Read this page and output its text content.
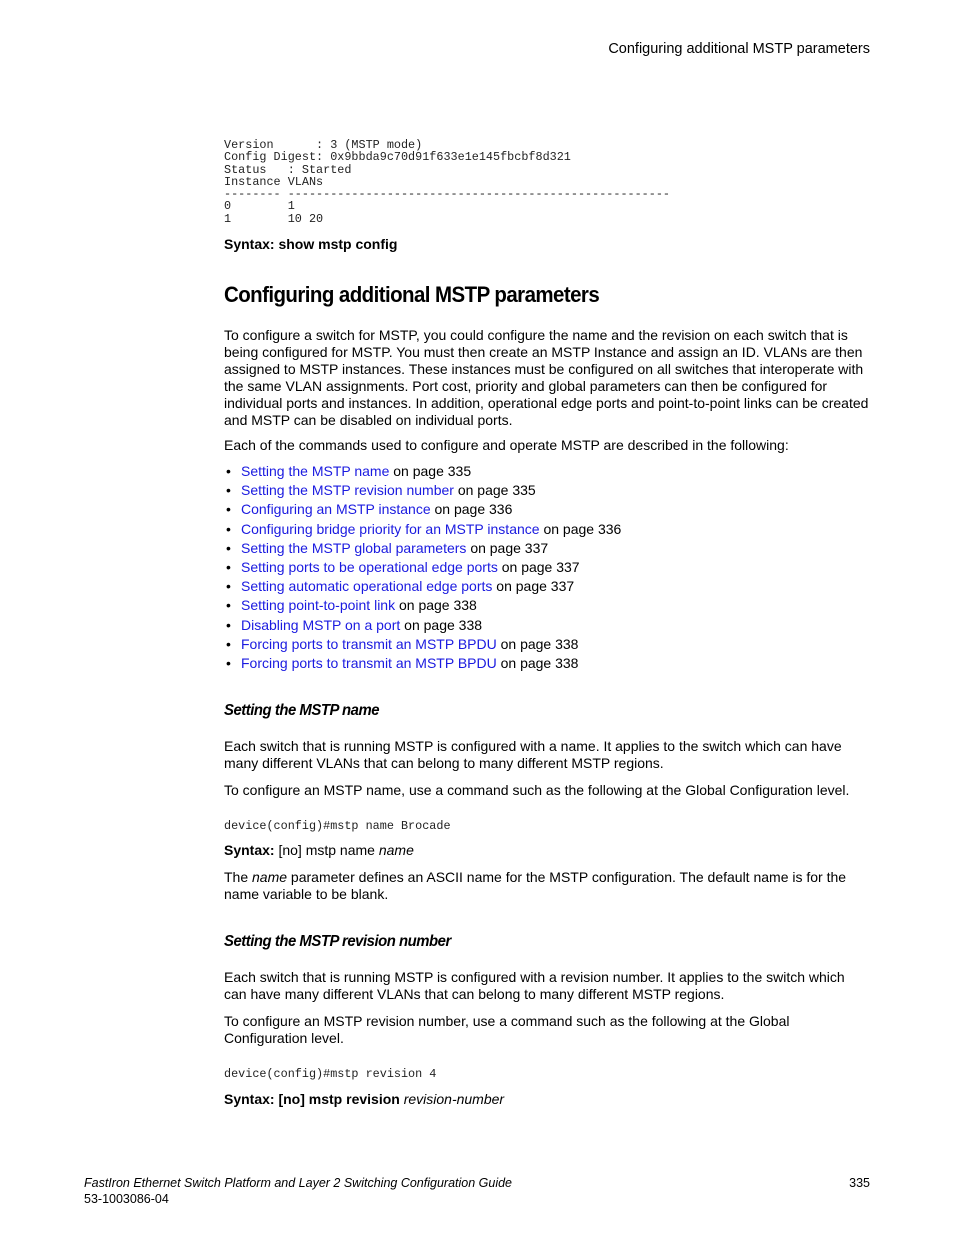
Configuring additional MSTP parameters
Version      : 3 (MSTP mode)
Config Digest: 0x9bbda9c70d91f633e1e145fbcbf8d321
Status   : Started
Instance VLANs
-------- ------------------------------------------------------
0        1
1        10 20
Syntax: show mstp config
Configuring additional MSTP parameters

To configure a switch for MSTP, you could configure the name and the revision on each switch that is being configured for MSTP. You must then create an MSTP Instance and assign an ID. VLANs are then assigned to MSTP instances. These instances must be configured on all switches that interoperate with the same VLAN assignments. Port cost, priority and global parameters can then be configured for individual ports and instances. In addition, operational edge ports and point-to-point links can be created and MSTP can be disabled on individual ports.

Each of the commands used to configure and operate MSTP are described in the following:

• Setting the MSTP name on page 335
• Setting the MSTP revision number on page 335
• Configuring an MSTP instance on page 336
• Configuring bridge priority for an MSTP instance on page 336
• Setting the MSTP global parameters on page 337
• Setting ports to be operational edge ports on page 337
• Setting automatic operational edge ports on page 337
• Setting point-to-point link on page 338
• Disabling MSTP on a port on page 338
• Forcing ports to transmit an MSTP BPDU on page 338
• Forcing ports to transmit an MSTP BPDU on page 338
Setting the MSTP name

Each switch that is running MSTP is configured with a name. It applies to the switch which can have many different VLANs that can belong to many different MSTP regions.

To configure an MSTP name, use a command such as the following at the Global Configuration level.

device(config)#mstp name Brocade
Syntax: [no] mstp name name

The name parameter defines an ASCII name for the MSTP configuration. The default name is for the name variable to be blank.

Setting the MSTP revision number

Each switch that is running MSTP is configured with a revision number. It applies to the switch which can have many different VLANs that can belong to many different MSTP regions.

To configure an MSTP revision number, use a command such as the following at the Global Configuration level.

device(config)#mstp revision 4
Syntax: [no] mstp revision revision-number
FastIron Ethernet Switch Platform and Layer 2 Switching Configuration Guide
53-1003086-04
335
